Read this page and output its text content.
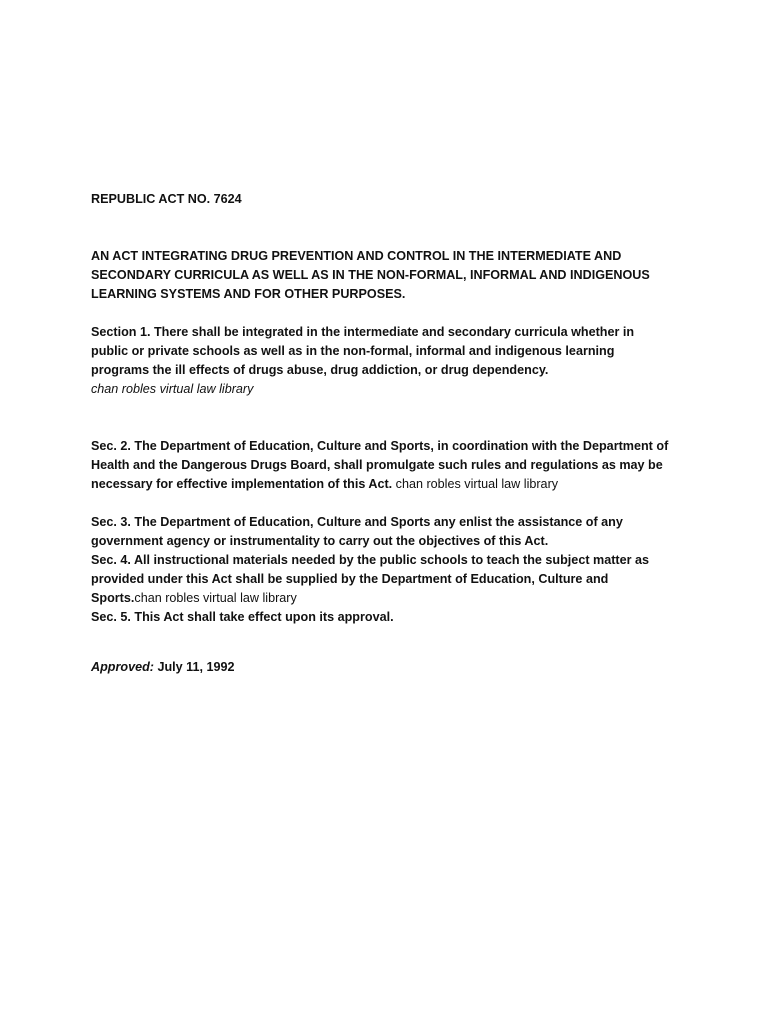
REPUBLIC ACT NO. 7624

AN ACT INTEGRATING DRUG PREVENTION AND CONTROL IN THE INTERMEDIATE AND SECONDARY CURRICULA AS WELL AS IN THE NON-FORMAL, INFORMAL AND INDIGENOUS LEARNING SYSTEMS AND FOR OTHER PURPOSES.

Section 1. There shall be integrated in the intermediate and secondary curricula whether in public or private schools as well as in the non-formal, informal and indigenous learning programs the ill effects of drugs abuse, drug addiction, or drug dependency.

chan robles virtual law library

Sec. 2. The Department of Education, Culture and Sports, in coordination with the Department of Health and the Dangerous Drugs Board, shall promulgate such rules and regulations as may be necessary for effective implementation of this Act. chan robles virtual law library

Sec. 3. The Department of Education, Culture and Sports any enlist the assistance of any government agency or instrumentality to carry out the objectives of this Act.

Sec. 4. All instructional materials needed by the public schools to teach the subject matter as provided under this Act shall be supplied by the Department of Education, Culture and Sports.chan robles virtual law library

Sec. 5. This Act shall take effect upon its approval.

Approved: July 11, 1992
